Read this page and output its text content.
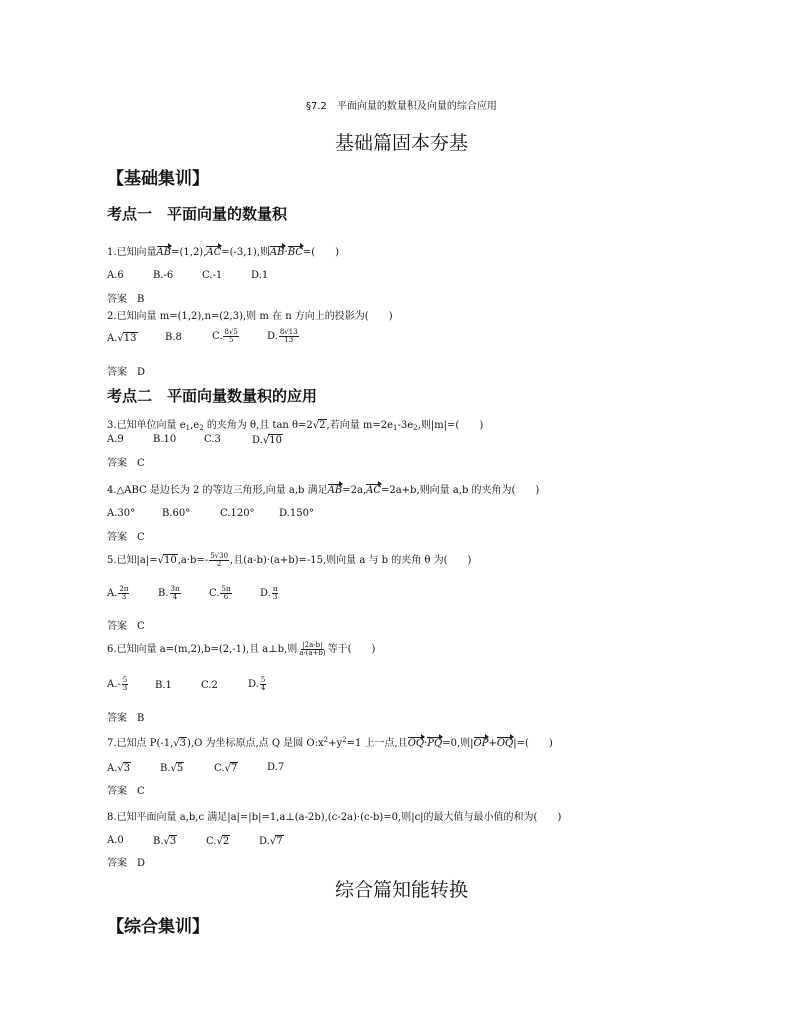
§7.2　平面向量的数量积及向量的综合应用
基础篇固本夯基
【基础集训】
考点一　平面向量的数量积
1.已知向量AB=(1,2),AC=(-3,1),则AB·BC=(　　)
A.6	B.-6	C.-1	D.1
答案　 B
2.已知向量 m=(1,2),n=(2,3),则 m 在 n 方向上的投影为(　　)
A.√13	B.8	C. $\frac{8√5}{5}$	D. $\frac{8√13}{13}$
答案　 D
考点二　平面向量数量积的应用
3.已知单位向量 $e_1,e_2$ 的夹角为 θ,且 tan θ=2√2,若向量 $m=2e_1-3e_2$,则|m|=(　　)
A.9	B.10	C.3	D.√10
答案　 C
4.△ABC 是边长为 2 的等边三角形,向量 a,b 满足AB=2a,AC=2a+b,则向量 a,b 的夹角为(　　)
A.30°	B.60°	C.120° D.150°
答案　 C
5.已知$|a|=√10,a\cdot b=- \frac{5√30}{2}$ ,且(a-b)·(a+b)=-15,则向量 a 与 b 的夹角 θ 为(　　)
A. $\frac{2\pi}{3}$	B. $\frac{3\pi}{4}$	C. $\frac{5\pi}{6}$	D. $\frac{\pi}{3}$
答案　 C
6.已知向量 a=(m,2),b=(2,-1),且 a⊥b,则 $\frac{|2a-b|}{a\cdot(a+b)}$ 等于(　　)
$A.- \frac{5}{3}$	B.1	C.2	D. $\frac{5}{4}$
答案　 B
7.已知点 P(-1,√3),O 为坐标原点,点 Q 是圆 $O:x^2+y^2=1$ 上一点,且OQ·PQ=0,则|OP+OQ|=(　　)
A.√3	B.√5	C.√7	D.7
答案　 C
8.已知平面向量 a,b,c 满足|a|=|b|=1,a⊥(a-2b),(c-2a)·(c-b)=0,则|c|的最大值与最小值的和为(　　)
A.0	B.√3	C.√2	D.√7
答案　 D
综合篇知能转换
【综合集训】
